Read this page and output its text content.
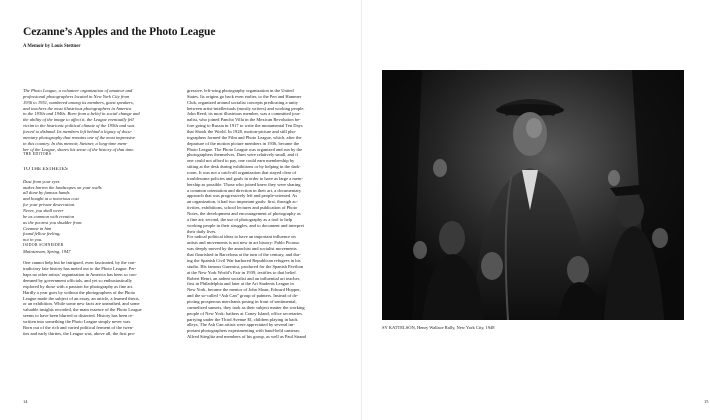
Cezanne’s Apples and the Photo League

A Memoir by Louis Stettner

The Photo League, a volunteer organization of amateur and
professional photographers located in New York City from
1936 to 1951, numbered among its members, guest speakers,
and teachers the most illustrious photographers in America
in the 1930s and 1940s. Born from a belief in social change and
the ability of the image to affect it, the League eventually fell
victim to the histrionic political climate of the 1950s and was
forced to disband. Its members left behind a legacy of docu-
mentary photography that remains one of the most impressive
in this country. In this memoir, Stettner, a long-time mem-
ber of the League, shares his sense of the history of that time.
THE EDITORS
TO THE ESTHETES
Dust from your eyes
makes barren the landscapes on your walls
all done by famous hands
and bought at a notorious cost
for your private desecration.
Never, you shall never
be as common with creation
as the poorest you shudder from.
Cezanne in him
found fellow feeling;
not in you.
ISIDOR SCHNEIDER
Mainstream, Spring, 1947
One cannot help but be intrigued, even fascinated, by the con-
tradictory fate history has meted out to the Photo League. Per-
haps no other artists’ organization in America has been so con-
demned by government officials, and yet so enthusiastically
explored by those with a passion for photography as fine art.
Hardly a year goes by without the photographers of the Photo
League made the subject of an essay, an article, a learned thesis,
or an exhibition. While some new facts are unearthed, and some
valuable insights recorded, the main essence of the Photo League
seems to have been blurred or distorted. History has been re-
written into something the Photo League simply never was.
Born out of the rich and varied political ferment of the twen-
ties and early thirties, the League was, above all, the first pro-
gressive, left-wing photography organization in the United
States. Its origins go back even earlier, to the Pen and Hammer
Club, organized around socialist concepts predicating a unity
between artist-intellectuals (mostly writers) and working people.
John Reed, its most illustrious member, was a committed jour-
nalist, who joined Pancho Villa in the Mexican Revolution be-
fore going to Russia in 1917 to write the monumental Ten Days
that Shook the World. In 1928, motion-picture and still pho-
tographers formed the Film and Photo League, which, after the
departure of the motion picture members in 1936, became the
Photo League. The Photo League was organized and run by the
photographers themselves. Dues were relatively small, and if
one could not afford to pay, one could earn membership by
sitting at the desk during exhibitions or by helping in the dark-
room. It was not a catch-all organization that stayed clear of
troublesome policies and goals in order to have as large a mem-
bership as possible. Those who joined knew they were sharing
a common orientation and direction in their art, a documentary
approach that was progressively left and people-oriented. As
an organization, it had two important goals: first, through ac-
tivities, exhibitions, school lectures and publication of Photo
Notes, the development and encouragement of photography as
a fine art; second, the use of photography as a tool to help
working people in their struggles, and to document and interpret
their daily lives.
For radical political ideas to have an important influence on
artists and movements is not new in art history: Pablo Picasso
was deeply moved by the anarchist and socialist movements
that flourished in Barcelona at the turn of the century, and dur-
ing the Spanish Civil War harbored Republican refugees in his
studio. His famous Guernica, produced for the Spanish Pavilion
at the New York World’s Fair in 1939, testifies to that belief.
Robert Henri, an ardent socialist and an influential art teacher,
first in Philadelphia and later at the Art Students League in
New York, became the mentor of John Sloan, Edward Hopper,
and the so-called “Ash Can” group of painters. Instead of de-
picting prosperous merchants posing in front of sentimental,
carmelized sunsets, they took as their subject matter the working
people of New York: bathers at Coney Island, office secretaries
partying under the Third Avenue El, children playing in back
alleys. The Ash Can artists were appreciated by several im-
portant photographers experimenting with hand-held cameras:
Alfred Stieglitz and members of his group, as well as Paul Strand

14

SY KATTELSON, Henry Wallace Rally, New York City, 1948

15
